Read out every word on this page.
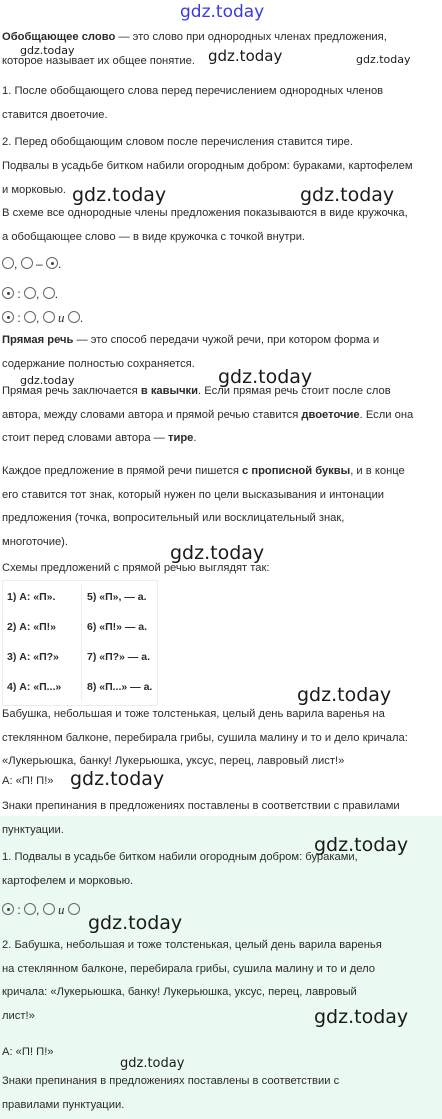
gdz.today
gdz.today	gdz.today	gdz.today
gdz.today	gdz.today
gdz.today	gdz.today
gdz.today
gdz.today
gdz.today
gdz.today
gdz.today
gdz.today
gdz.today
Обобщающее слово — это слово при однородных членах предложения,
которое называет их общее понятие.
1. После обобщающего слова перед перечислением однородных членов
ставится двоеточие.
2. Перед обобщающим словом после перечисления ставится тире.
Подвалы в усадьбе битком набили огородным добром: бураками, картофелем
и морковью.
В схеме все однородные члены предложения показываются в виде кружочка,
а обобщающее слово — в виде кружочка с точкой внутри.
,  – .
: , .
: ,  и .
Прямая речь — это способ передачи чужой речи, при котором форма и
содержание полностью сохраняется.
Прямая речь заключается в кавычки. Если прямая речь стоит после слов
автора, между словами автора и прямой речью ставится двоеточие. Если она
стоит перед словами автора — тире.
Каждое предложение в прямой речи пишется с прописной буквы, и в конце
его ставится тот знак, который нужен по цели высказывания и интонации
предложения (точка, вопросительный или восклицательный знак,
многоточие).
Схемы предложений с прямой речью выглядят так:
1) А: «П».	5) «П», — а.
2) А: «П!»	6) «П!» — а.
3) А: «П?»	7) «П?» — а.
4) А: «П...» 8) «П...» — а.
Бабушка, небольшая и тоже толстенькая, целый день варила варенья на
стеклянном балконе, перебирала грибы, сушила малину и то и дело кричала:
«Лукерьюшка, банку! Лукерьюшка, уксус, перец, лавровый лист!»
А: «П! П!»
Знаки препинания в предложениях поставлены в соответствии с правилами
пунктуации.
1. Подвалы в усадьбе битком набили огородным добром: бураками,
картофелем и морковью.
: ,  и
2. Бабушка, небольшая и тоже толстенькая, целый день варила варенья
на стеклянном балконе, перебирала грибы, сушила малину и то и дело
кричала: «Лукерьюшка, банку! Лукерьюшка, уксус, перец, лавровый
лист!»
А: «П! П!»
Знаки препинания в предложениях поставлены в соответствии с
правилами пунктуации.
